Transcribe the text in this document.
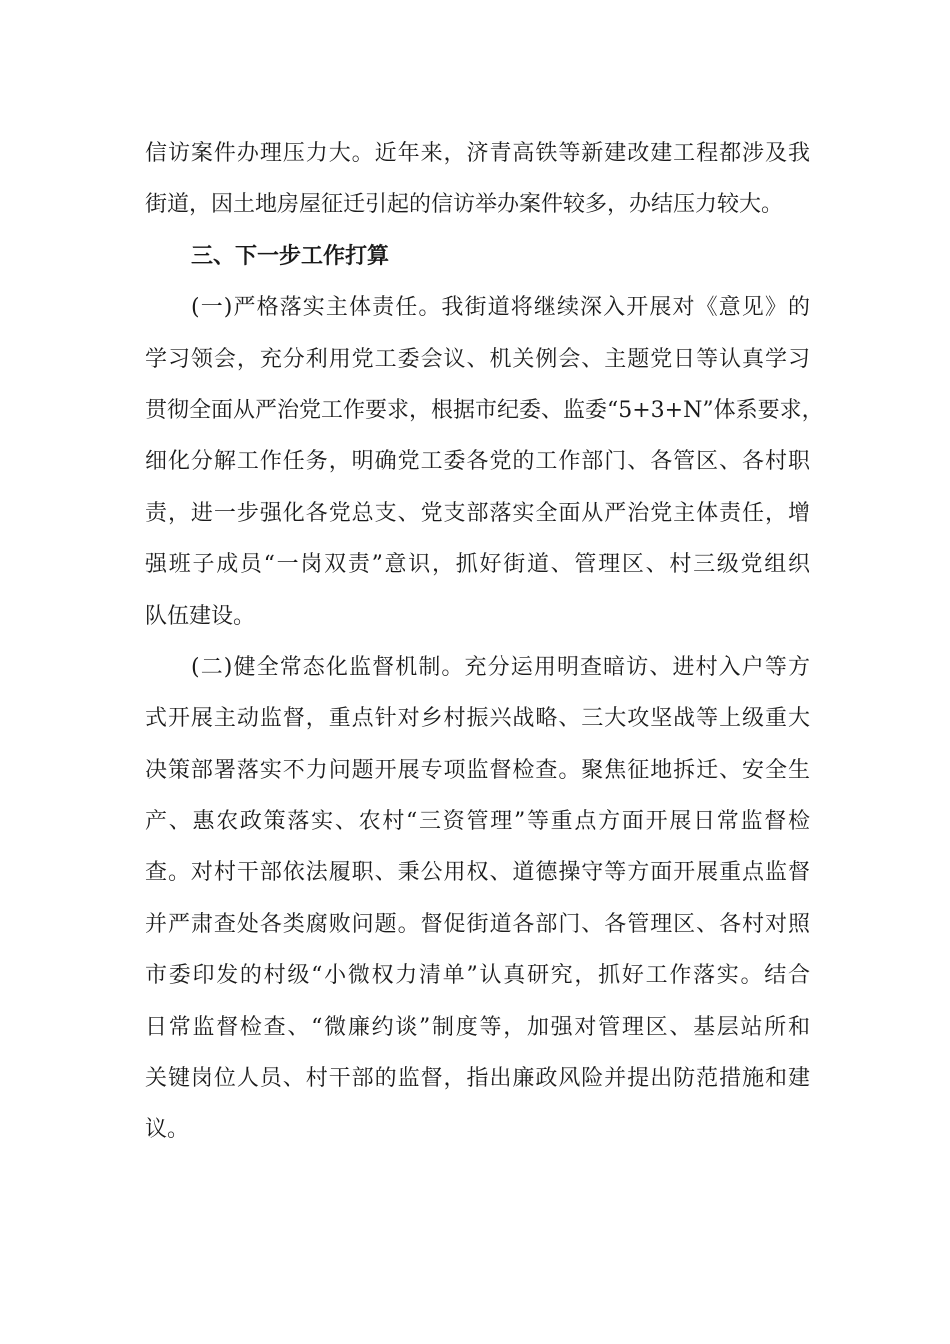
信访案件办理压力大。近年来，济青高铁等新建改建工程都涉及我
街道，因土地房屋征迁引起的信访举办案件较多，办结压力较大。
三、下一步工作打算
(一)严格落实主体责任。我街道将继续深入开展对《意见》的
学习领会，充分利用党工委会议、机关例会、主题党日等认真学习
贯彻全面从严治党工作要求，根据市纪委、监委“5+3+N”体系要求，
细化分解工作任务，明确党工委各党的工作部门、各管区、各村职
责，进一步强化各党总支、党支部落实全面从严治党主体责任，增
强班子成员“一岗双责”意识，抓好街道、管理区、村三级党组织
队伍建设。
(二)健全常态化监督机制。充分运用明查暗访、进村入户等方
式开展主动监督，重点针对乡村振兴战略、三大攻坚战等上级重大
决策部署落实不力问题开展专项监督检查。聚焦征地拆迁、安全生
产、惠农政策落实、农村“三资管理”等重点方面开展日常监督检
查。对村干部依法履职、秉公用权、道德操守等方面开展重点监督
并严肃查处各类腐败问题。督促街道各部门、各管理区、各村对照
市委印发的村级“小微权力清单”认真研究，抓好工作落实。结合
日常监督检查、“微廉约谈”制度等，加强对管理区、基层站所和
关键岗位人员、村干部的监督，指出廉政风险并提出防范措施和建
议。
